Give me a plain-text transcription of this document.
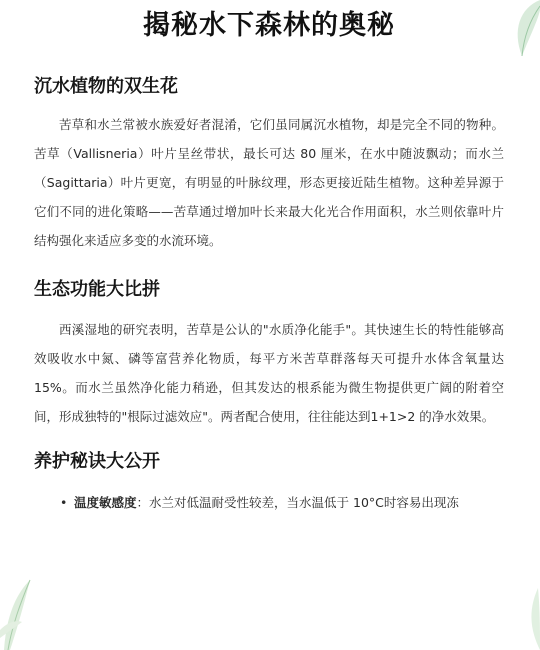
揭秘水下森林的奥秘
沉水植物的双生花

苦草和水兰常被水族爱好者混淆，它们虽同属沉水植物，却是完全不同的物种。苦草（Vallisneria）叶片呈丝带状，最长可达 80 厘米，在水中随波飘动；而水兰（Sagittaria）叶片更宽，有明显的叶脉纹理，形态更接近陆生植物。这种差异源于它们不同的进化策略——苦草通过增加叶长来最大化光合作用面积，水兰则依靠叶片结构强化来适应多变的水流环境。

生态功能大比拼

西溪湿地的研究表明，苦草是公认的"水质净化能手"。其快速生长的特性能够高效吸收水中氮、磷等富营养化物质，每平方米苦草群落每天可提升水体含氧量达 15%。而水兰虽然净化能力稍逊，但其发达的根系能为微生物提供更广阔的附着空间，形成独特的"根际过滤效应"。两者配合使用，往往能达到1+1>2 的净水效果。

养护秘诀大公开
• 温度敏感度：水兰对低温耐受性较差，当水温低于 10°C时容易出现冻
